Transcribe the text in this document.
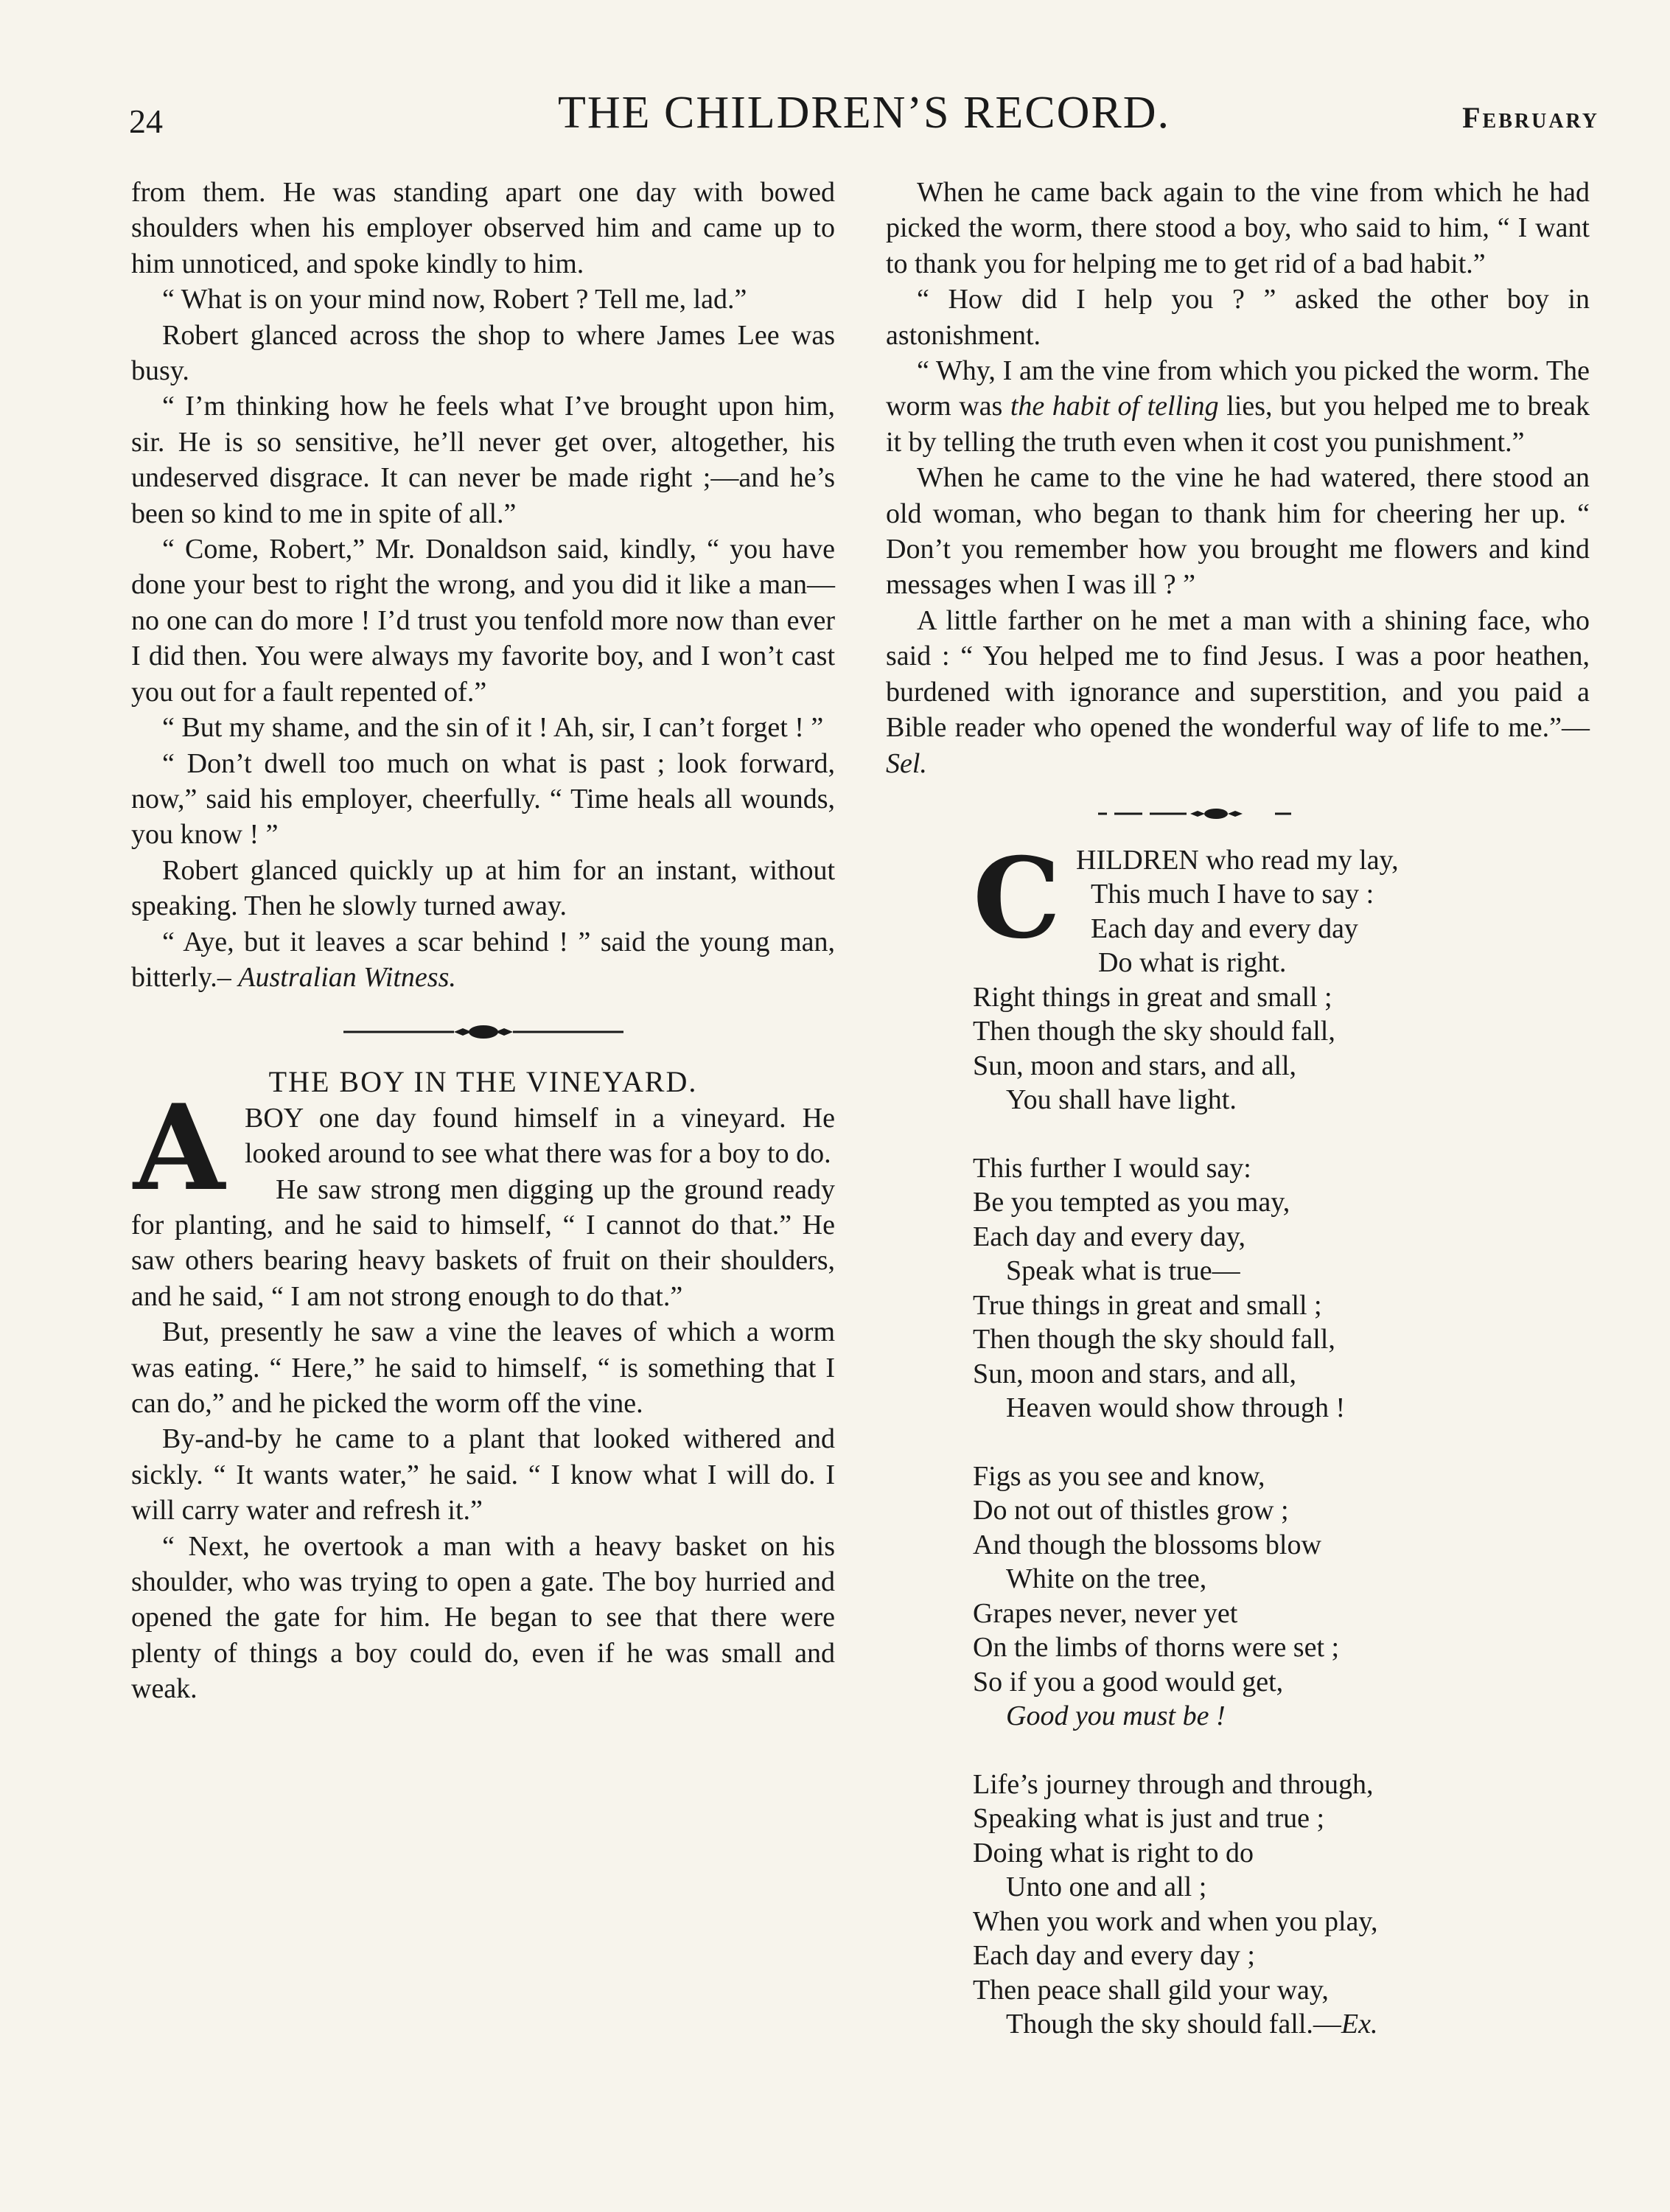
24	THE CHILDREN’S RECORD.	February

from them. He was standing apart one day with bowed shoulders when his employer observed him and came up to him unnoticed, and spoke kindly to him.

“ What is on your mind now, Robert ? Tell me, lad.”

Robert glanced across the shop to where James Lee was busy.

“ I’m thinking how he feels what I’ve brought upon him, sir. He is so sensitive, he’ll never get over, altogether, his undeserved disgrace. It can never be made right ;—and he’s been so kind to me in spite of all.”

“ Come, Robert,” Mr. Donaldson said, kindly, “ you have done your best to right the wrong, and you did it like a man—no one can do more ! I’d trust you tenfold more now than ever I did then. You were always my favorite boy, and I won’t cast you out for a fault repented of.”

“ But my shame, and the sin of it ! Ah, sir, I can’t forget ! ”

“ Don’t dwell too much on what is past ; look forward, now,” said his employer, cheerfully. “ Time heals all wounds, you know ! ”

Robert glanced quickly up at him for an instant, without speaking. Then he slowly turned away.

“ Aye, but it leaves a scar behind ! ” said the young man, bitterly.– Australian Witness.

THE BOY IN THE VINEYARD.

A BOY one day found himself in a vineyard. He looked around to see what there was for a boy to do.

He saw strong men digging up the ground ready for planting, and he said to himself, “ I cannot do that.” He saw others bearing heavy baskets of fruit on their shoulders, and he said, “ I am not strong enough to do that.”

But, presently he saw a vine the leaves of which a worm was eating. “ Here,” he said to himself, “ is something that I can do,” and he picked the worm off the vine.

By-and-by he came to a plant that looked withered and sickly. “ It wants water,” he said. “ I know what I will do. I will carry water and refresh it.”

“ Next, he overtook a man with a heavy basket on his shoulder, who was trying to open a gate. The boy hurried and opened the gate for him. He began to see that there were plenty of things a boy could do, even if he was small and weak.

When he came back again to the vine from which he had picked the worm, there stood a boy, who said to him, “ I want to thank you for helping me to get rid of a bad habit.”

“ How did I help you ? ” asked the other boy in astonishment.

“ Why, I am the vine from which you picked the worm. The worm was the habit of telling lies, but you helped me to break it by telling the truth even when it cost you punishment.”

When he came to the vine he had watered, there stood an old woman, who began to thank him for cheering her up. “ Don’t you remember how you brought me flowers and kind messages when I was ill ? ”

A little farther on he met a man with a shining face, who said : “ You helped me to find Jesus. I was a poor heathen, burdened with ignorance and superstition, and you paid a Bible reader who opened the wonderful way of life to me.”— Sel.

C HILDREN who read my lay,
This much I have to say :
Each day and every day
Do what is right.
Right things in great and small ;
Then though the sky should fall,
Sun, moon and stars, and all,
You shall have light.
This further I would say:
Be you tempted as you may,
Each day and every day,
Speak what is true—
True things in great and small ;
Then though the sky should fall,
Sun, moon and stars, and all,
Heaven would show through !
Figs as you see and know,
Do not out of thistles grow ;
And though the blossoms blow
White on the tree,
Grapes never, never yet
On the limbs of thorns were set ;
So if you a good would get,
Good you must be !
Life’s journey through and through,
Speaking what is just and true ;
Doing what is right to do
Unto one and all ;
When you work and when you play,
Each day and every day ;
Then peace shall gild your way,
Though the sky should fall.—Ex.
